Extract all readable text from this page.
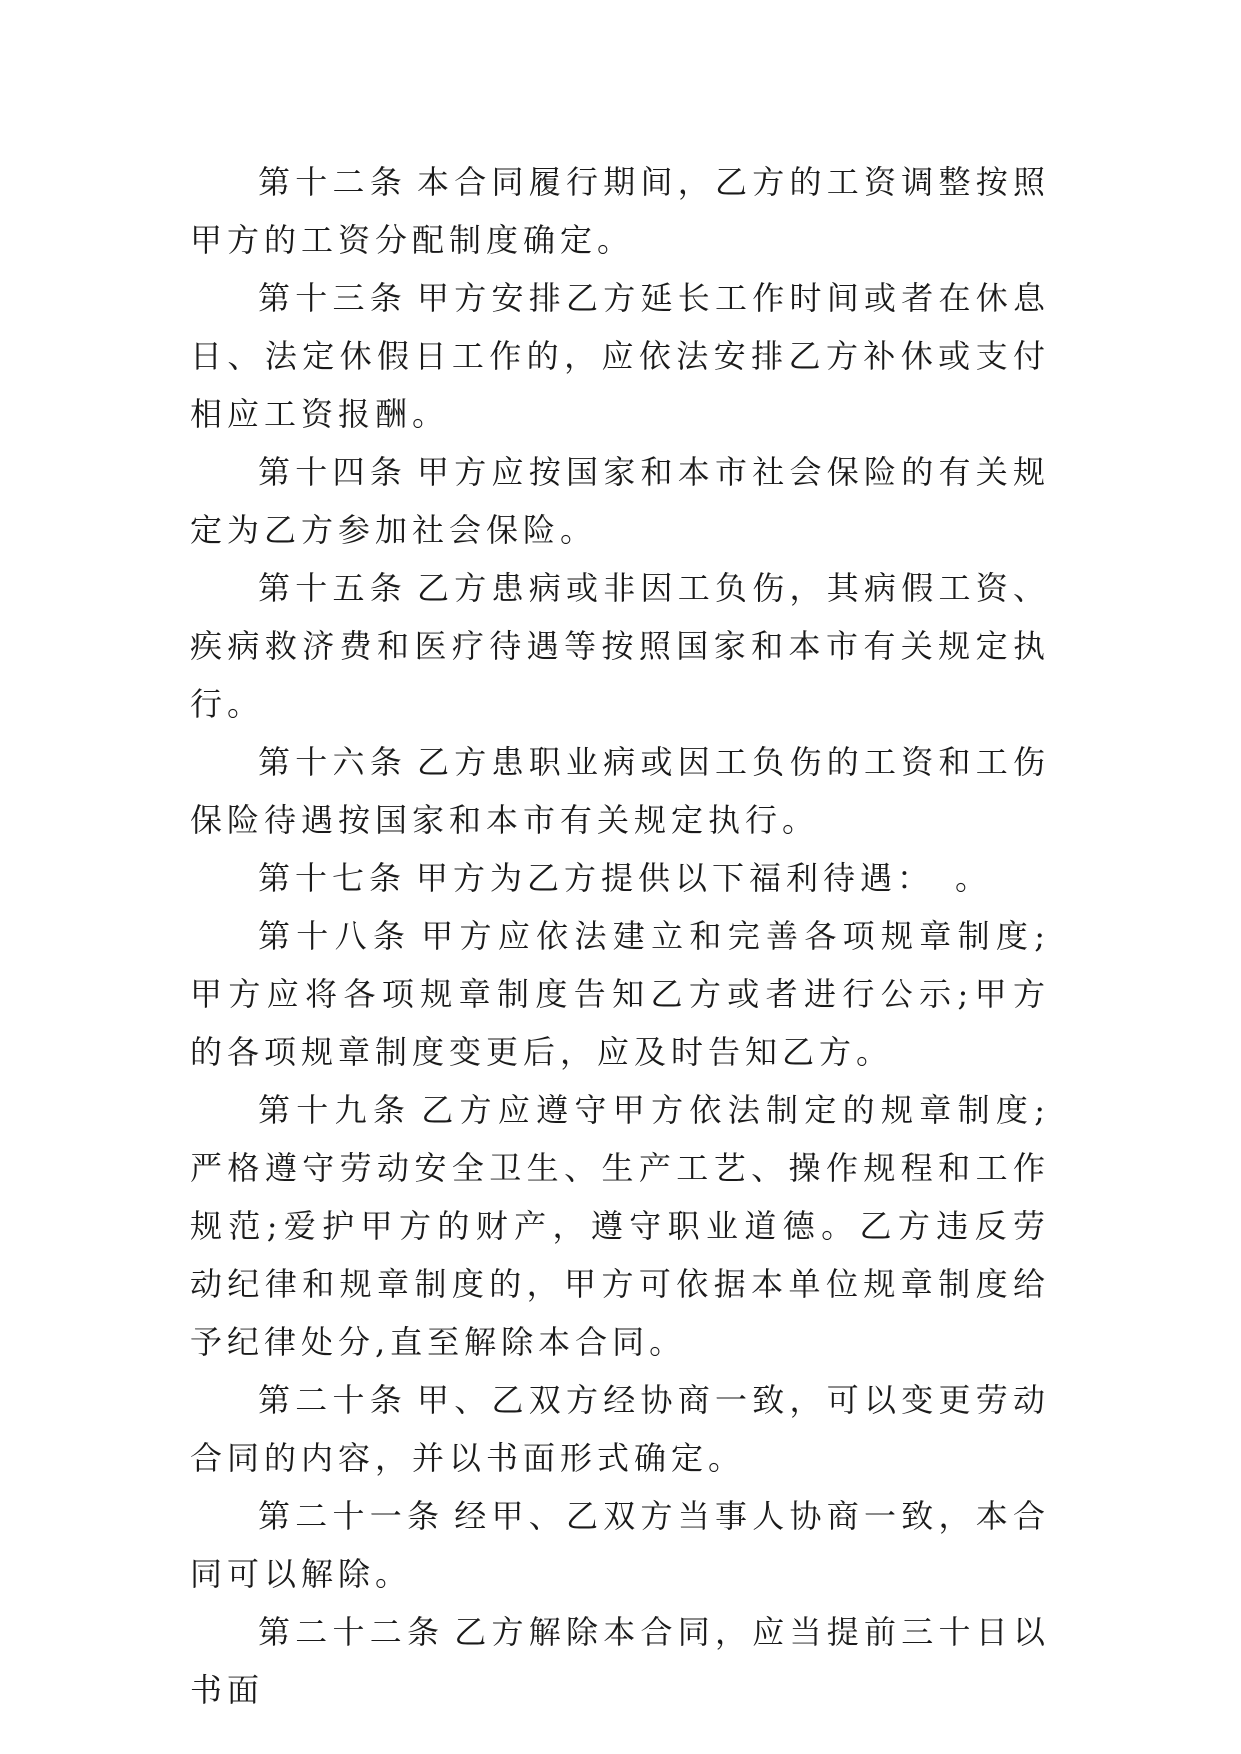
第十二条 本合同履行期间，乙方的工资调整按照甲方的工资分配制度确定。

第十三条 甲方安排乙方延长工作时间或者在休息日、法定休假日工作的，应依法安排乙方补休或支付相应工资报酬。

第十四条 甲方应按国家和本市社会保险的有关规定为乙方参加社会保险。

第十五条 乙方患病或非因工负伤，其病假工资、疾病救济费和医疗待遇等按照国家和本市有关规定执行。

第十六条 乙方患职业病或因工负伤的工资和工伤保险待遇按国家和本市有关规定执行。

第十七条 甲方为乙方提供以下福利待遇：　。

第十八条 甲方应依法建立和完善各项规章制度;甲方应将各项规章制度告知乙方或者进行公示;甲方的各项规章制度变更后，应及时告知乙方。

第十九条 乙方应遵守甲方依法制定的规章制度;严格遵守劳动安全卫生、生产工艺、操作规程和工作规范;爱护甲方的财产，遵守职业道德。乙方违反劳动纪律和规章制度的，甲方可依据本单位规章制度给予纪律处分,直至解除本合同。

第二十条 甲、乙双方经协商一致，可以变更劳动合同的内容，并以书面形式确定。

第二十一条 经甲、乙双方当事人协商一致，本合同可以解除。

第二十二条 乙方解除本合同，应当提前三十日以书面
